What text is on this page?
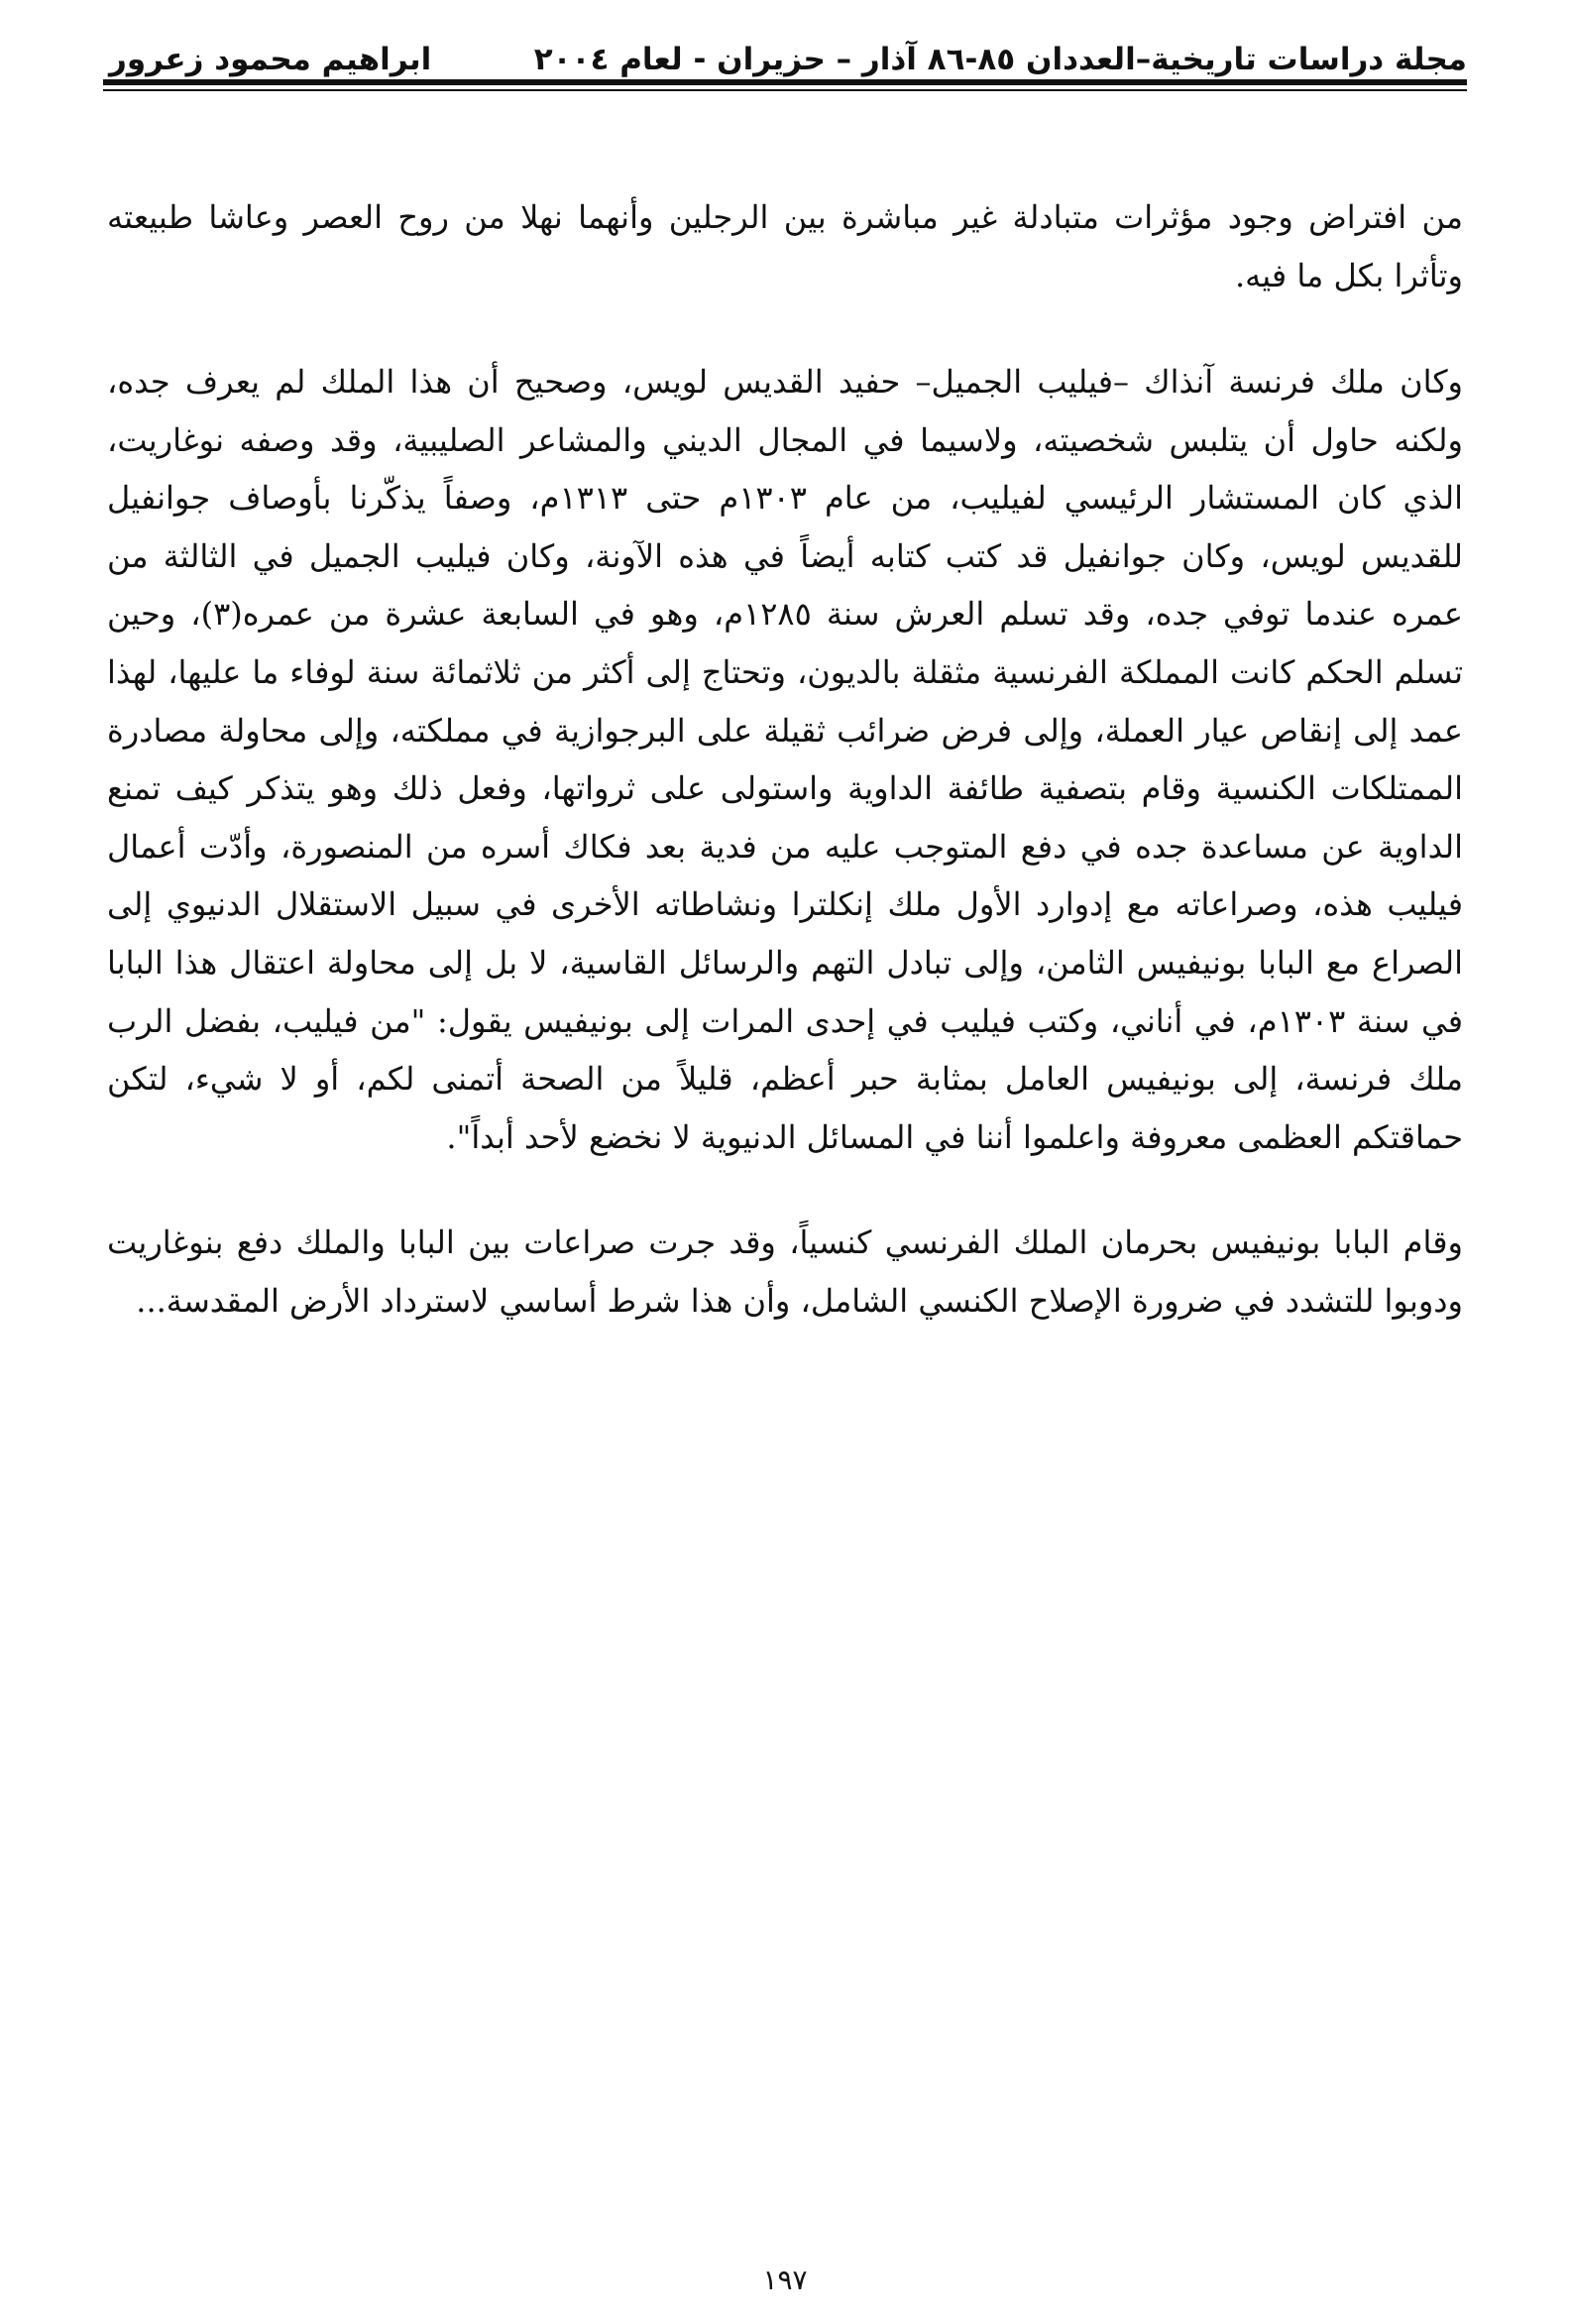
مجلة دراسات تاريخية–العددان ٨٥-٨٦ آذار – حزيران - لعام ٢٠٠٤
ابراهيم محمود زعرور

من افتراض وجود مؤثرات متبادلة غير مباشرة بين الرجلين وأنهما نهلا من روح العصر وعاشا طبيعته وتأثرا بكل ما فيه.

وكان ملك فرنسة آنذاك –فيليب الجميل– حفيد القديس لويس، وصحيح أن هذا الملك لم يعرف جده، ولكنه حاول أن يتلبس شخصيته، ولاسيما في المجال الديني والمشاعر الصليبية، وقد وصفه نوغاريت، الذي كان المستشار الرئيسي لفيليب، من عام ١٣٠٣م حتى ١٣١٣م، وصفاً يذكّرنا بأوصاف جوانفيل للقديس لويس، وكان جوانفيل قد كتب كتابه أيضاً في هذه الآونة، وكان فيليب الجميل في الثالثة من عمره عندما توفي جده، وقد تسلم العرش سنة ١٢٨٥م، وهو في السابعة عشرة من عمره(٣)، وحين تسلم الحكم كانت المملكة الفرنسية مثقلة بالديون، وتحتاج إلى أكثر من ثلاثمائة سنة لوفاء ما عليها، لهذا عمد إلى إنقاص عيار العملة، وإلى فرض ضرائب ثقيلة على البرجوازية في مملكته، وإلى محاولة مصادرة الممتلكات الكنسية وقام بتصفية طائفة الداوية واستولى على ثرواتها، وفعل ذلك وهو يتذكر كيف تمنع الداوية عن مساعدة جده في دفع المتوجب عليه من فدية بعد فكاك أسره من المنصورة، وأدّت أعمال فيليب هذه، وصراعاته مع إدوارد الأول ملك إنكلترا ونشاطاته الأخرى في سبيل الاستقلال الدنيوي إلى الصراع مع البابا بونيفيس الثامن، وإلى تبادل التهم والرسائل القاسية، لا بل إلى محاولة اعتقال هذا البابا في سنة ١٣٠٣م، في أناني، وكتب فيليب في إحدى المرات إلى بونيفيس يقول: "من فيليب، بفضل الرب ملك فرنسة، إلى بونيفيس العامل بمثابة حبر أعظم، قليلاً من الصحة أتمنى لكم، أو لا شيء، لتكن حماقتكم العظمى معروفة واعلموا أننا في المسائل الدنيوية لا نخضع لأحد أبداً".

وقام البابا بونيفيس بحرمان الملك الفرنسي كنسياً، وقد جرت صراعات بين البابا والملك دفع بنوغاريت ودوبوا للتشدد في ضرورة الإصلاح الكنسي الشامل، وأن هذا شرط أساسي لاسترداد الأرض المقدسة...

١٩٧
